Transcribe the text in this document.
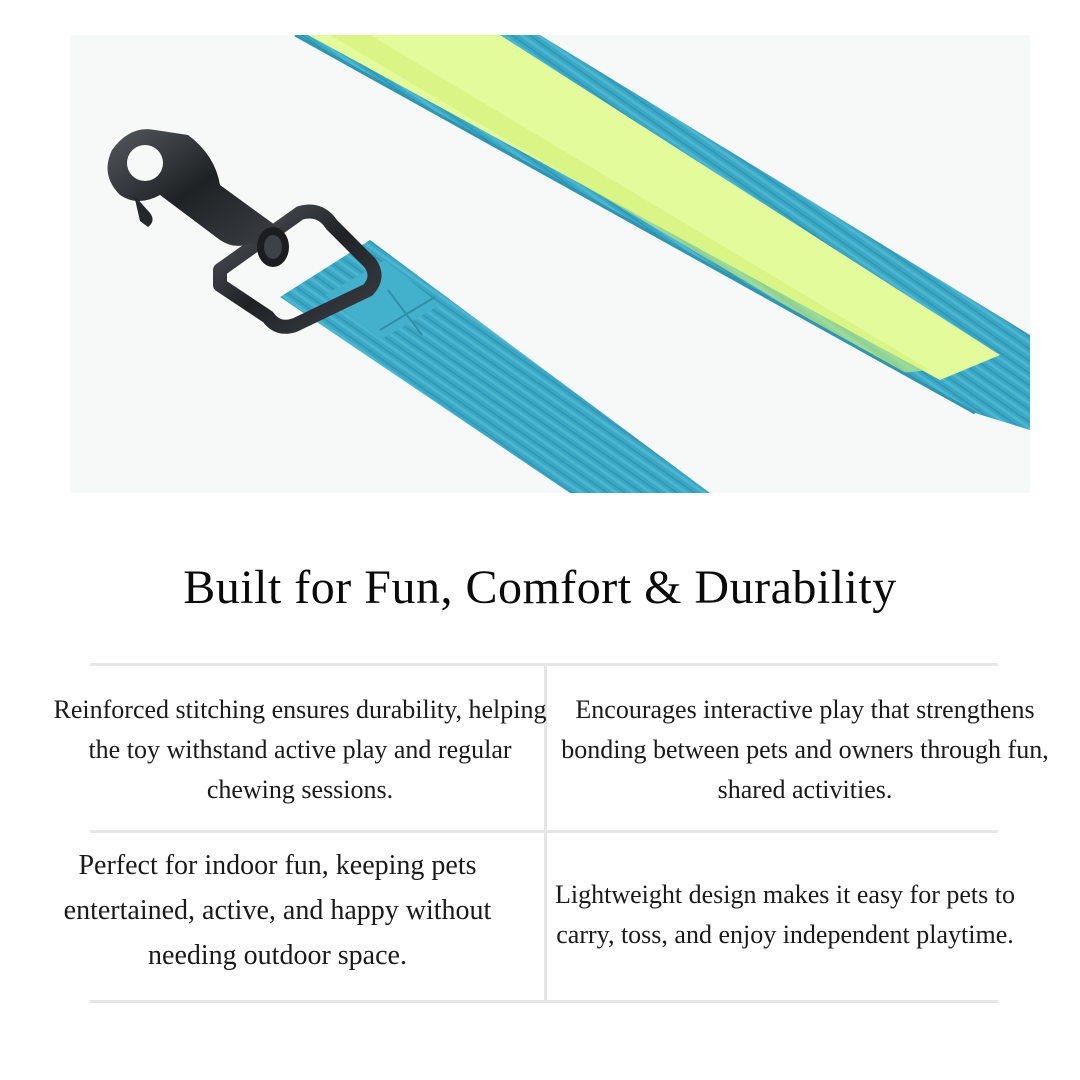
Built for Fun, Comfort & Durability

Reinforced stitching ensures durability, helping the toy withstand active play and regular chewing sessions.

Encourages interactive play that strengthens bonding between pets and owners through fun, shared activities.

Perfect for indoor fun, keeping pets entertained, active, and happy without needing outdoor space.

Lightweight design makes it easy for pets to carry, toss, and enjoy independent playtime.
